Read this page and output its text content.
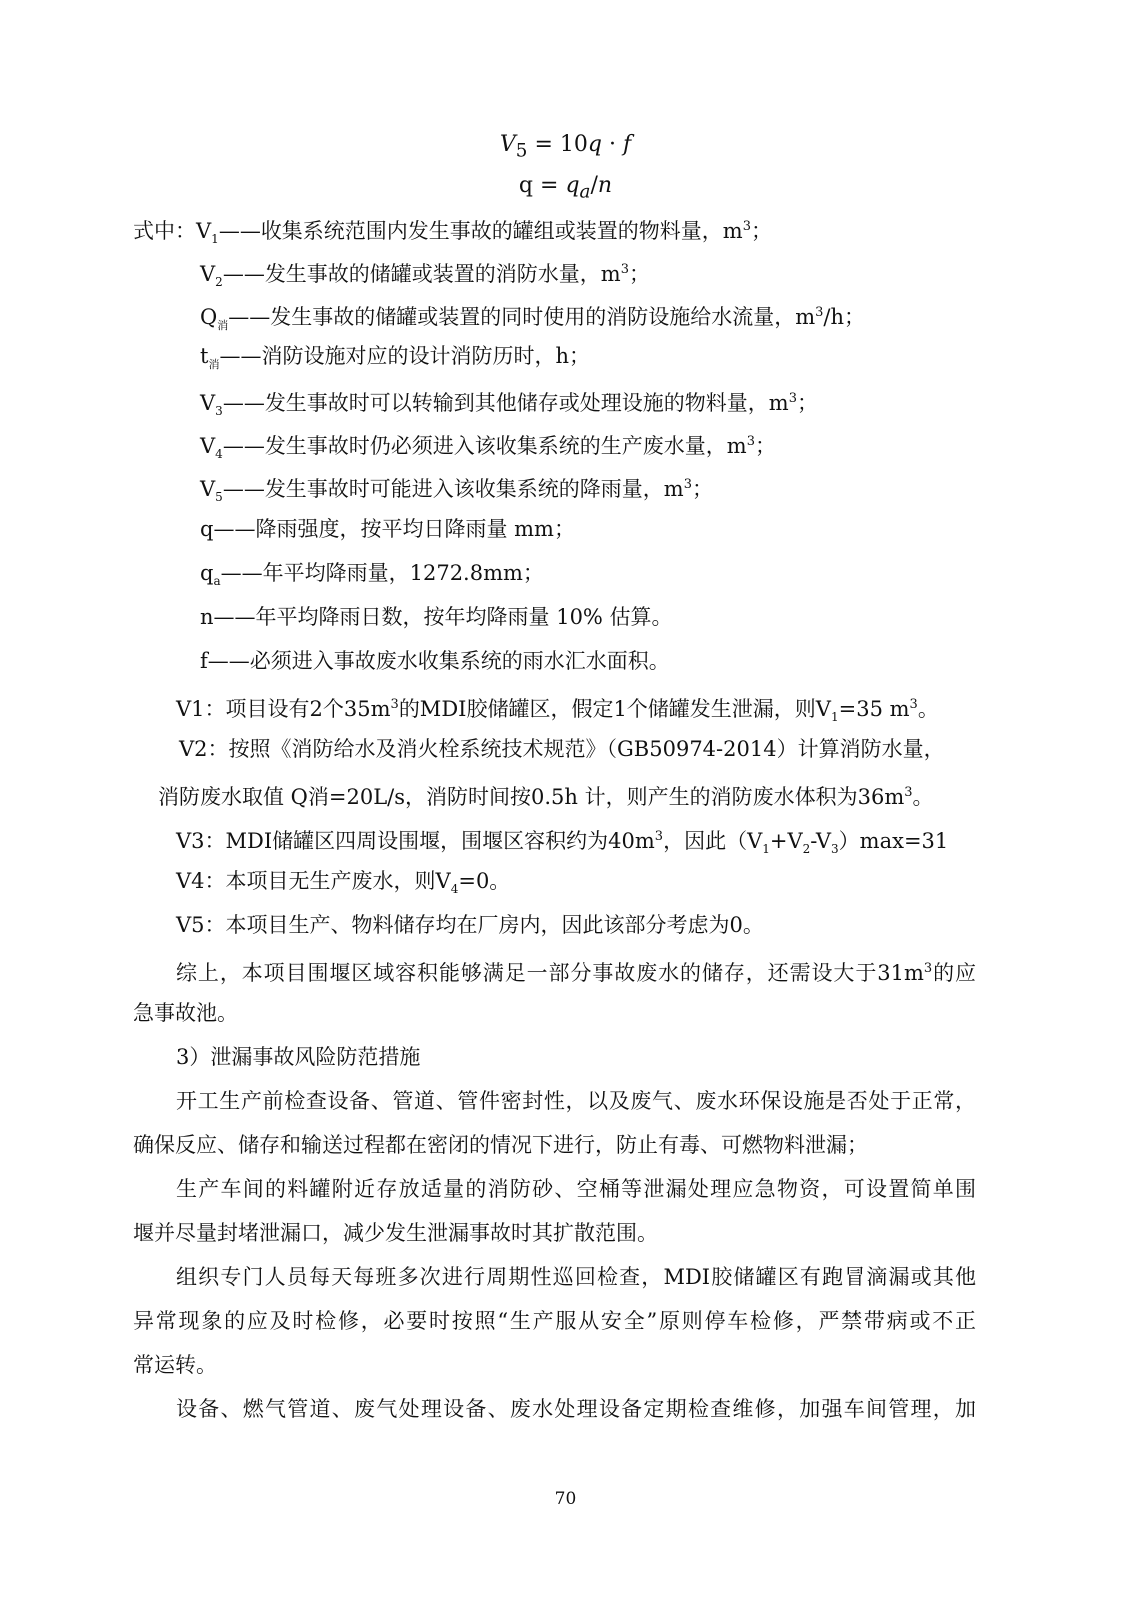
$V_5 = 10q \cdot f$
$q = q_a/n$
式中：$V_1——$收集系统范围内发生事故的罐组或装置的物料量，$m^3$；
$V_2——$发生事故的储罐或装置的消防水量，$m^3$；
$Q_消——$发生事故的储罐或装置的同时使用的消防设施给水流量，$m^3/h$；
$t_消——$消防设施对应的设计消防历时，h；
$V_3——$发生事故时可以转输到其他储存或处理设施的物料量，$m^3$；
$V_4——$发生事故时仍必须进入该收集系统的生产废水量，$m^3$；
$V_5——$发生事故时可能进入该收集系统的降雨量，$m^3$；
q——降雨强度，按平均日降雨量 mm；
$q_a——$年平均降雨量，1272.8mm；
n——年平均降雨日数，按年均降雨量 10% 估算。
f——必须进入事故废水收集系统的雨水汇水面积。
V1：项目设有2个$35m^3$的MDI胶储罐区，假定1个储罐发生泄漏，则$V_1=35$ $m^3$。
V2：按照《消防给水及消火栓系统技术规范》（GB50974-2014）计算消防水量，
消防废水取值 Q消=20L/s，消防时间按0.5h 计，则产生的消防废水体积为$36m^3$。
V3：MDI储罐区四周设围堰，围堰区容积约为$40m^3$，因此$(V_1+V_2-V_3)\max=31$
V4：本项目无生产废水，则$V_4=0$。
V5：本项目生产、物料储存均在厂房内，因此该部分考虑为0。
综上，本项目围堰区域容积能够满足一部分事故废水的储存，还需设大于$31m^3$的应
急事故池。
3）泄漏事故风险防范措施
开工生产前检查设备、管道、管件密封性，以及废气、废水环保设施是否处于正常，
确保反应、储存和输送过程都在密闭的情况下进行，防止有毒、可燃物料泄漏；
生产车间的料罐附近存放适量的消防砂、空桶等泄漏处理应急物资，可设置简单围
堰并尽量封堵泄漏口，减少发生泄漏事故时其扩散范围。
组织专门人员每天每班多次进行周期性巡回检查，MDI胶储罐区有跑冒滴漏或其他
异常现象的应及时检修，必要时按照“生产服从安全”原则停车检修，严禁带病或不正
常运转。
设备、燃气管道、废气处理设备、废水处理设备定期检查维修，加强车间管理，加
70
